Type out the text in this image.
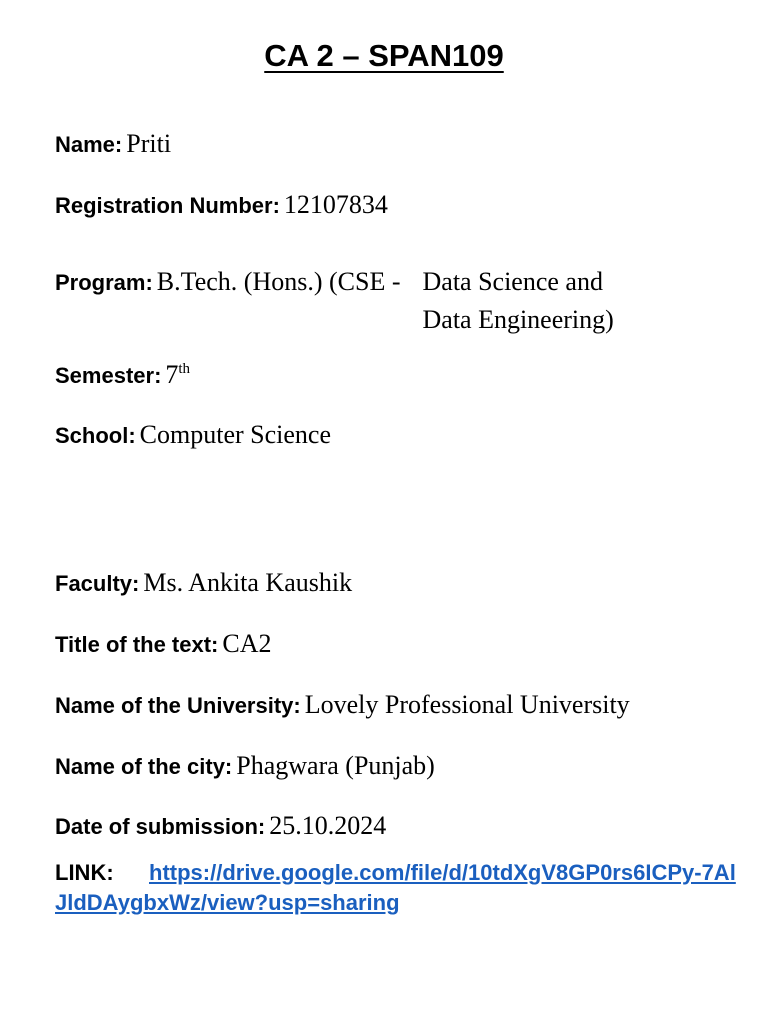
CA 2 – SPAN109
Name: Priti
Registration Number: 12107834
Program: B.Tech. (Hons.) (CSE - Data Science and
Data Engineering)
Semester: 7th
School: Computer Science
Faculty: Ms. Ankita Kaushik
Title of the text: CA2
Name of the University: Lovely Professional University
Name of the city: Phagwara (Punjab)
Date of submission: 25.10.2024
LINK: https://drive.google.com/file/d/10tdXgV8GP0rs6ICPy-7AlJldDAygbxWz/view?usp=sharing
